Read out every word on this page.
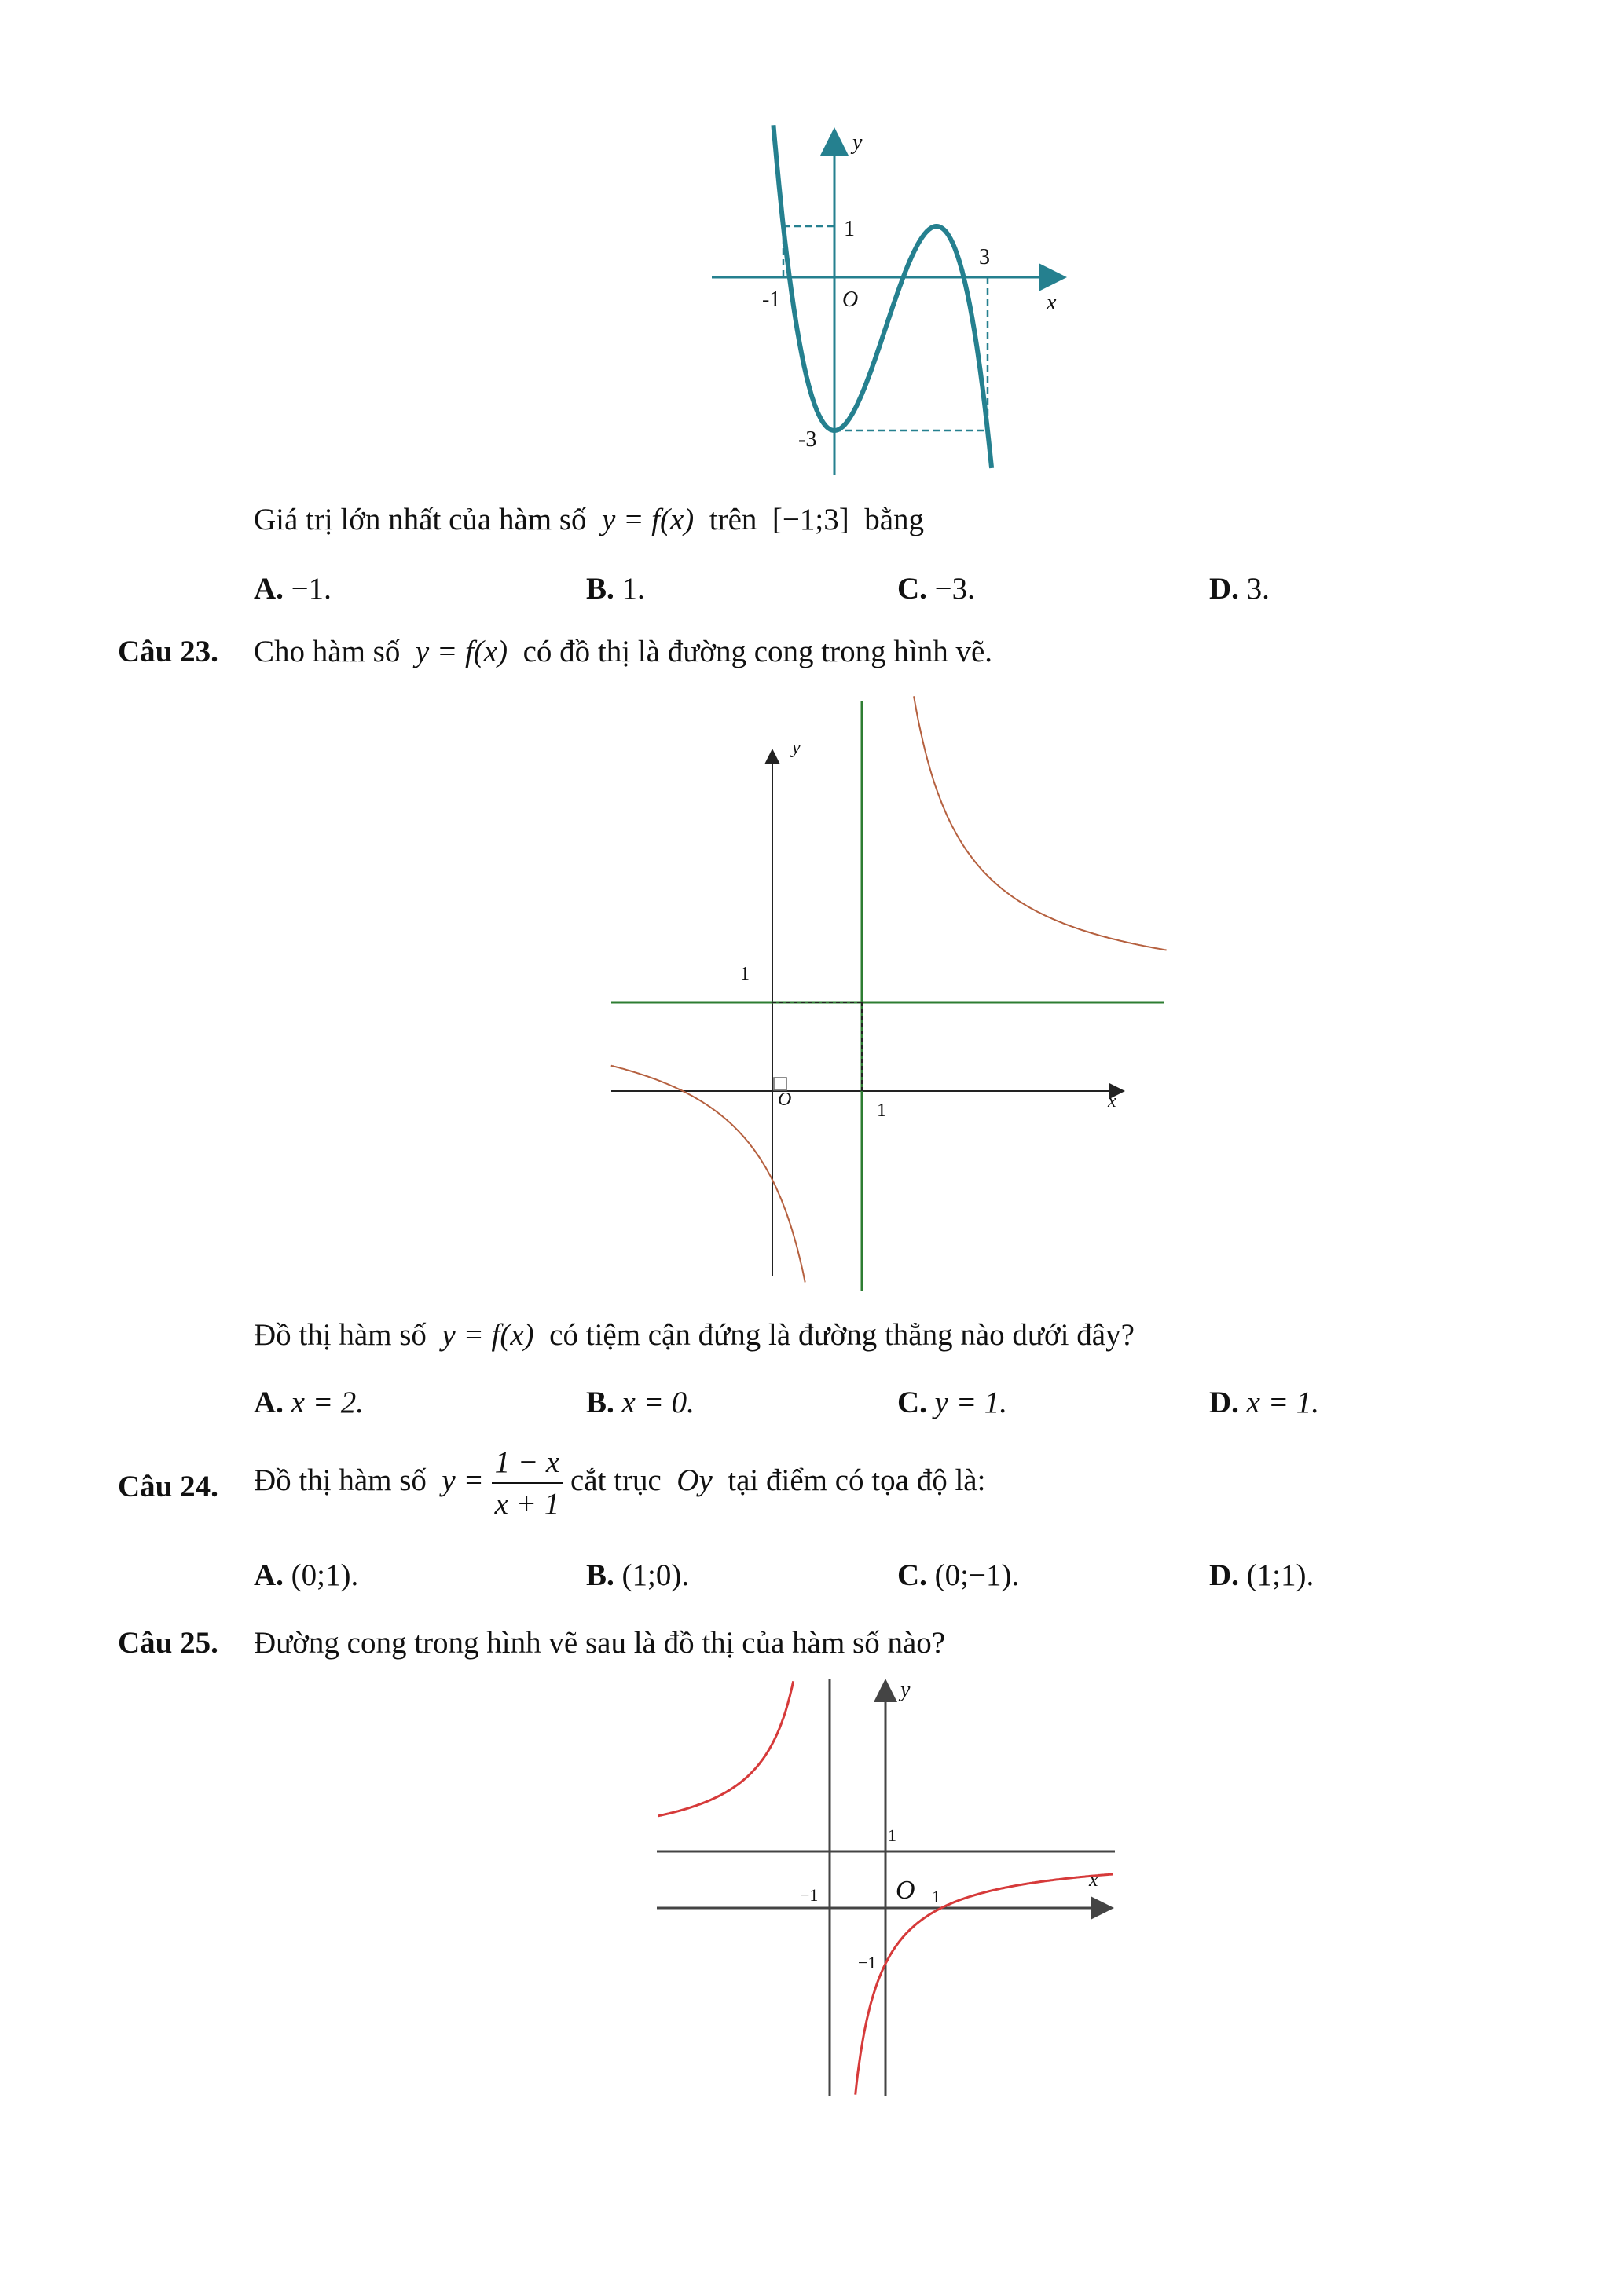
y
1
3
-1	O	x
-3
Giá trị lớn nhất của hàm số y = f(x) trên [−1;3] bằng
A. −1.	B. 1.	C. −3.	D. 3.
Câu 23. Cho hàm số y = f(x) có đồ thị là đường cong trong hình vẽ.
y
1
O
1	x
Đồ thị hàm số y = f(x) có tiệm cận đứng là đường thẳng nào dưới đây?
A. x = 2.	B. x = 0.	C. y = 1.	D. x = 1.
Câu 24. Đồ thị hàm số $y = \frac{1 - x}{x + 1}$ cắt trục Oy tại điểm có tọa độ là:
A. (0;1).	B. (1;0).	C. (0;−1).	D. (1;1).
Câu 25. Đường cong trong hình vẽ sau là đồ thị của hàm số nào?
y
1
−1	O 1
x
−1
